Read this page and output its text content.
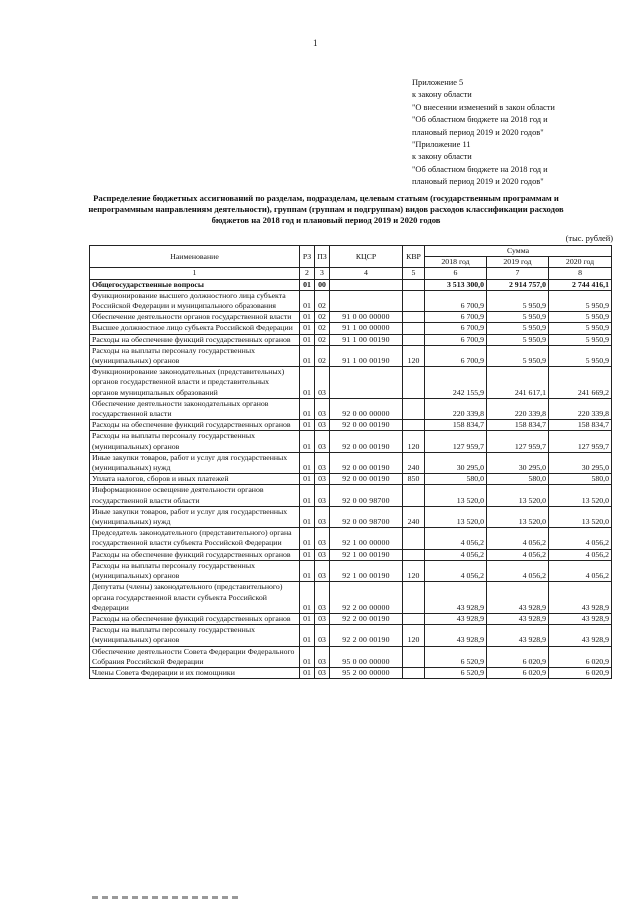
1
Приложение 5
к закону области
"О внесении изменений в закон области
"Об областном бюджете на 2018 год и
плановый период 2019 и 2020 годов"
"Приложение 11
к закону области
"Об областном бюджете на 2018 год и
плановый период 2019 и 2020 годов"
Распределение бюджетных ассигнований по разделам, подразделам, целевым статьям (государственным программам и непрограммным направлениям деятельности), группам (группам и подгруппам) видов расходов классификации расходов бюджетов на 2018 год и плановый период 2019 и 2020 годов
(тыс. рублей)
Наименование	РЗ	ПЗ	КЦСР	КВР	Сумма		
					2018 год	2019 год	2020 год
1	2	3	4	5	6	7	8
Общегосударственные вопросы	01	00			3 513 300,0	2 914 757,0	2 744 416,1
Функционирование высшего должностного лица субъекта Российской Федерации и муниципального образования	01	02			6 700,9	5 950,9	5 950,9
Обеспечение деятельности органов государственной власти	01	02	91 0 00 00000		6 700,9	5 950,9	5 950,9
Высшее должностное лицо субъекта Российской Федерации	01	02	91 1 00 00000		6 700,9	5 950,9	5 950,9
Расходы на обеспечение функций государственных органов	01	02	91 1 00 00190		6 700,9	5 950,9	5 950,9
Расходы на выплаты персоналу государственных (муниципальных) органов	01	02	91 1 00 00190	120	6 700,9	5 950,9	5 950,9
Функционирование законодательных (представительных) органов государственной власти и представительных органов муниципальных образований	01	03			242 155,9	241 617,1	241 669,2
Обеспечение деятельности законодательных органов государственной власти	01	03	92 0 00 00000		220 339,8	220 339,8	220 339,8
Расходы на обеспечение функций государственных органов	01	03	92 0 00 00190		158 834,7	158 834,7	158 834,7
Расходы на выплаты персоналу государственных (муниципальных) органов	01	03	92 0 00 00190	120	127 959,7	127 959,7	127 959,7
Иные закупки товаров, работ и услуг для государственных (муниципальных) нужд	01	03	92 0 00 00190	240	30 295,0	30 295,0	30 295,0
Уплата налогов, сборов и иных платежей	01	03	92 0 00 00190	850	580,0	580,0	580,0
Информационное освещение деятельности органов государственной власти области	01	03	92 0 00 98700		13 520,0	13 520,0	13 520,0
Иные закупки товаров, работ и услуг для государственных (муниципальных) нужд	01	03	92 0 00 98700	240	13 520,0	13 520,0	13 520,0
Председатель законодательного (представительного) органа государственной власти субъекта Российской Федерации	01	03	92 1 00 00000		4 056,2	4 056,2	4 056,2
Расходы на обеспечение функций государственных органов	01	03	92 1 00 00190		4 056,2	4 056,2	4 056,2
Расходы на выплаты персоналу государственных (муниципальных) органов	01	03	92 1 00 00190	120	4 056,2	4 056,2	4 056,2
Депутаты (члены) законодательного (представительного) органа государственной власти субъекта Российской Федерации	01	03	92 2 00 00000		43 928,9	43 928,9	43 928,9
Расходы на обеспечение функций государственных органов	01	03	92 2 00 00190		43 928,9	43 928,9	43 928,9
Расходы на выплаты персоналу государственных (муниципальных) органов	01	03	92 2 00 00190	120	43 928,9	43 928,9	43 928,9
Обеспечение деятельности Совета Федерации Федерального Собрания Российской Федерации	01	03	95 0 00 00000		6 520,9	6 020,9	6 020,9
Члены Совета Федерации и их помощники	01	03	95 2 00 00000		6 520,9	6 020,9	6 020,9
